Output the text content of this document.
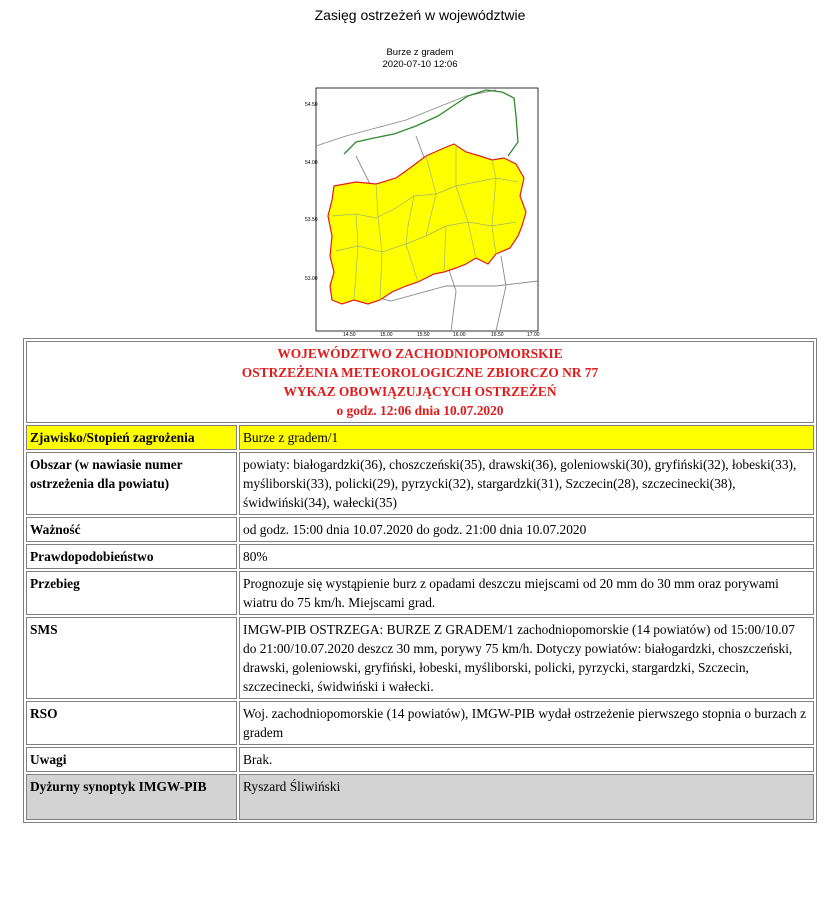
Zasięg ostrzeżeń w województwie
Burze z gradem
2020-07-10 12:06
54.50
54.00
53.50
53.00
14.50	15.00	15.50	16.00	16.50	17.00
WOJEWÓDZTWO ZACHODNIOPOMORSKIE
OSTRZEŻENIA METEOROLOGICZNE ZBIORCZO NR 77
WYKAZ OBOWIĄZUJĄCYCH OSTRZEŻEŃ
o godz. 12:06 dnia 10.07.2020	

Zjawisko/Stopień zagrożenia	Burze z gradem/1
Obszar (w nawiasie numer ostrzeżenia dla powiatu)	powiaty: białogardzki(36), choszczeński(35), drawski(36), goleniowski(30), gryfiński(32), łobeski(33), myśliborski(33), policki(29), pyrzycki(32), stargardzki(31), Szczecin(28), szczecinecki(38), świdwiński(34), wałecki(35)
Ważność	od godz. 15:00 dnia 10.07.2020 do godz. 21:00 dnia 10.07.2020
Prawdopodobieństwo	80%
Przebieg	Prognozuje się wystąpienie burz z opadami deszczu miejscami od 20 mm do 30 mm oraz porywami wiatru do 75 km/h. Miejscami grad.
SMS	IMGW-PIB OSTRZEGA: BURZE Z GRADEM/1 zachodniopomorskie (14 powiatów) od 15:00/10.07 do 21:00/10.07.2020 deszcz 30 mm, porywy 75 km/h. Dotyczy powiatów: białogardzki, choszczeński, drawski, goleniowski, gryfiński, łobeski, myśliborski, policki, pyrzycki, stargardzki, Szczecin, szczecinecki, świdwiński i wałecki.
RSO	Woj. zachodniopomorskie (14 powiatów), IMGW-PIB wydał ostrzeżenie pierwszego stopnia o burzach z gradem
Uwagi	Brak.
Dyżurny synoptyk IMGW-PIB	Ryszard Śliwiński
